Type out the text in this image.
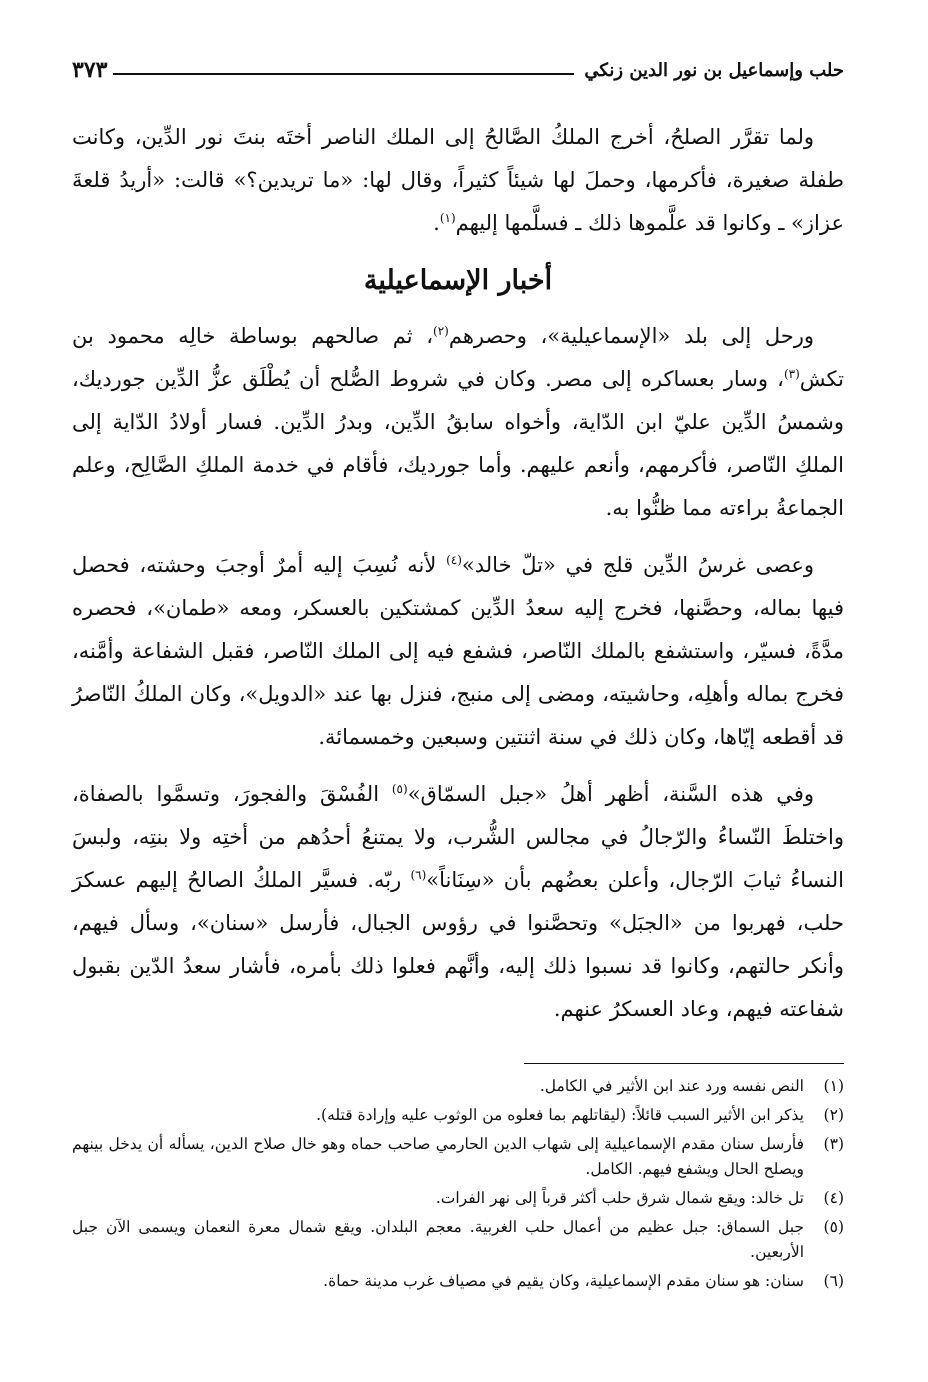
حلب وإسماعيل بن نور الدين زنكي
٣٧٣

ولما تقرَّر الصلحُ، أخرج الملكُ الصَّالحُ إلى الملك الناصر أختَه بنتَ نور الدِّين، وكانت طفلة صغيرة، فأكرمها، وحملَ لها شيئاً كثيراً، وقال لها: «ما تريدين؟» قالت: «أريدُ قلعةَ عزاز» ـ وكانوا قد علَّموها ذلك ـ فسلَّمها إليهم$^{(١)}$.

أخبار الإسماعيلية

ورحل إلى بلد «الإسماعيلية»، وحصرهم$^{(٢)}$، ثم صالحهم بوساطة خالِه محمود بن تكش$^{(٣)}$، وسار بعساكره إلى مصر. وكان في شروط الصُّلح أن يُطْلَق عزُّ الدِّين جورديك، وشمسُ الدِّين عليّ ابن الدّاية، وأخواه سابقُ الدِّين، وبدرُ الدِّين. فسار أولادُ الدّاية إلى الملكِ النّاصر، فأكرمهم، وأنعم عليهم. وأما جورديك، فأقام في خدمة الملكِ الصَّالِح، وعلم الجماعةُ براءته مما ظنُّوا به.

وعصى غرسُ الدِّين قلج في «تلّ خالد»$^{(٤)}$ لأنه نُسِبَ إليه أمرٌ أوجبَ وحشته، فحصل فيها بماله، وحصَّنها، فخرج إليه سعدُ الدِّين كمشتكين بالعسكر، ومعه «طمان»، فحصره مدَّةً، فسيّر، واستشفع بالملك النّاصر، فشفع فيه إلى الملك النّاصر، فقبل الشفاعة وأمَّنه، فخرج بماله وأهلِه، وحاشيته، ومضى إلى منبج، فنزل بها عند «الدويل»، وكان الملكُ النّاصرُ قد أقطعه إيّاها، وكان ذلك في سنة اثنتين وسبعين وخمسمائة.

وفي هذه السَّنة، أظهر أهلُ «جبل السمّاق»$^{(٥)}$ الفُسْقَ والفجورَ، وتسمَّوا بالصفاة، واختلطَ النّساءُ والرّجالُ في مجالس الشُّرب، ولا يمتنعُ أحدُهم من أختِه ولا بنتِه، ولبسَ النساءُ ثيابَ الرّجال، وأعلن بعضُهم بأن «سِنَاناً»$^{(٦)}$ ربّه. فسيَّر الملكُ الصالحُ إليهم عسكرَ حلب، فهربوا من «الجبَل» وتحصَّنوا في رؤوس الجبال، فأرسل «سنان»، وسأل فيهم، وأنكر حالتهم، وكانوا قد نسبوا ذلك إليه، وأنَّهم فعلوا ذلك بأمره، فأشار سعدُ الدّين بقبول شفاعته فيهم، وعاد العسكرُ عنهم.

(١)
النص نفسه ورد عند ابن الأثير في الكامل.
(٢)
يذكر ابن الأثير السبب قائلاً: (ليقاتلهم بما فعلوه من الوثوب عليه وإرادة قتله).
(٣)
فأرسل سنان مقدم الإسماعيلية إلى شهاب الدين الحارمي صاحب حماه وهو خال صلاح الدين، يسأله أن يدخل بينهم ويصلح الحال ويشفع فيهم. الكامل.
(٤)
تل خالد: ويقع شمال شرق حلب أكثر قرباً إلى نهر الفرات.
(٥)
جبل السماق: جبل عظيم من أعمال حلب الغربية. معجم البلدان. ويقع شمال معرة النعمان ويسمى الآن جبل الأربعين.
(٦)
سنان: هو سنان مقدم الإسماعيلية، وكان يقيم في مصياف غرب مدينة حماة.
